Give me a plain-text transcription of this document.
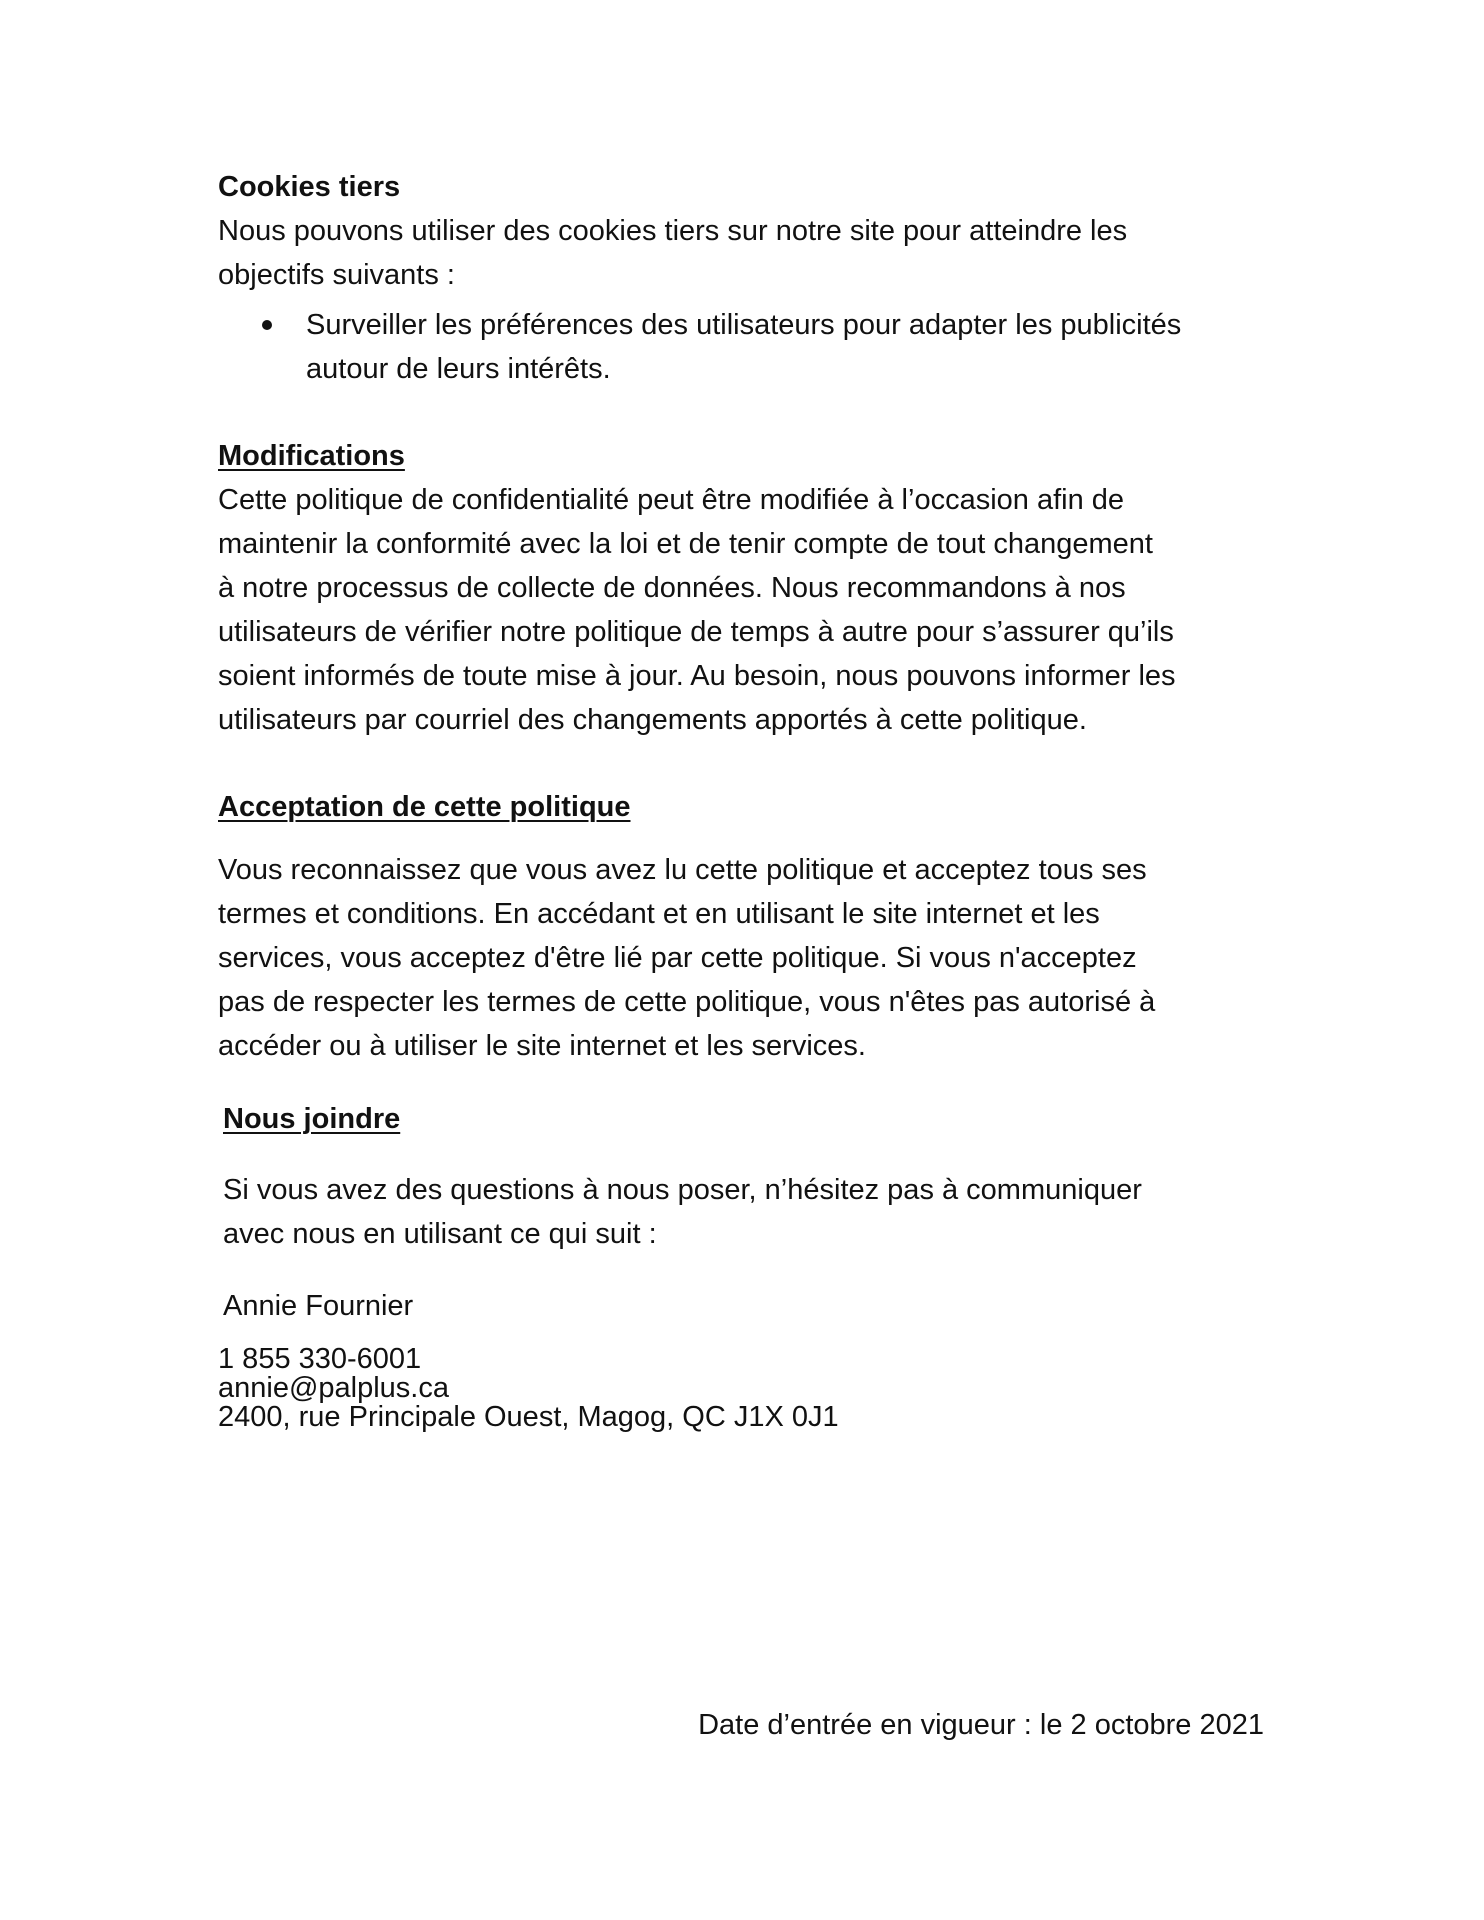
Cookies tiers

Nous pouvons utiliser des cookies tiers sur notre site pour atteindre les

objectifs suivants :

Surveiller les préférences des utilisateurs pour adapter les publicités
autour de leurs intérêts.
Modifications

Cette politique de confidentialité peut être modifiée à l’occasion afin de

maintenir la conformité avec la loi et de tenir compte de tout changement

à notre processus de collecte de données. Nous recommandons à nos

utilisateurs de vérifier notre politique de temps à autre pour s’assurer qu’ils

soient informés de toute mise à jour. Au besoin, nous pouvons informer les

utilisateurs par courriel des changements apportés à cette politique.

Acceptation de cette politique

Vous reconnaissez que vous avez lu cette politique et acceptez tous ses

termes et conditions. En accédant et en utilisant le site internet et les

services, vous acceptez d'être lié par cette politique. Si vous n'acceptez

pas de respecter les termes de cette politique, vous n'êtes pas autorisé à

accéder ou à utiliser le site internet et les services.

Nous joindre

Si vous avez des questions à nous poser, n’hésitez pas à communiquer

avec nous en utilisant ce qui suit :

Annie Fournier

1 855 330-6001

annie@palplus.ca

2400, rue Principale Ouest, Magog, QC J1X 0J1

Date d’entrée en vigueur : le 2 octobre 2021
